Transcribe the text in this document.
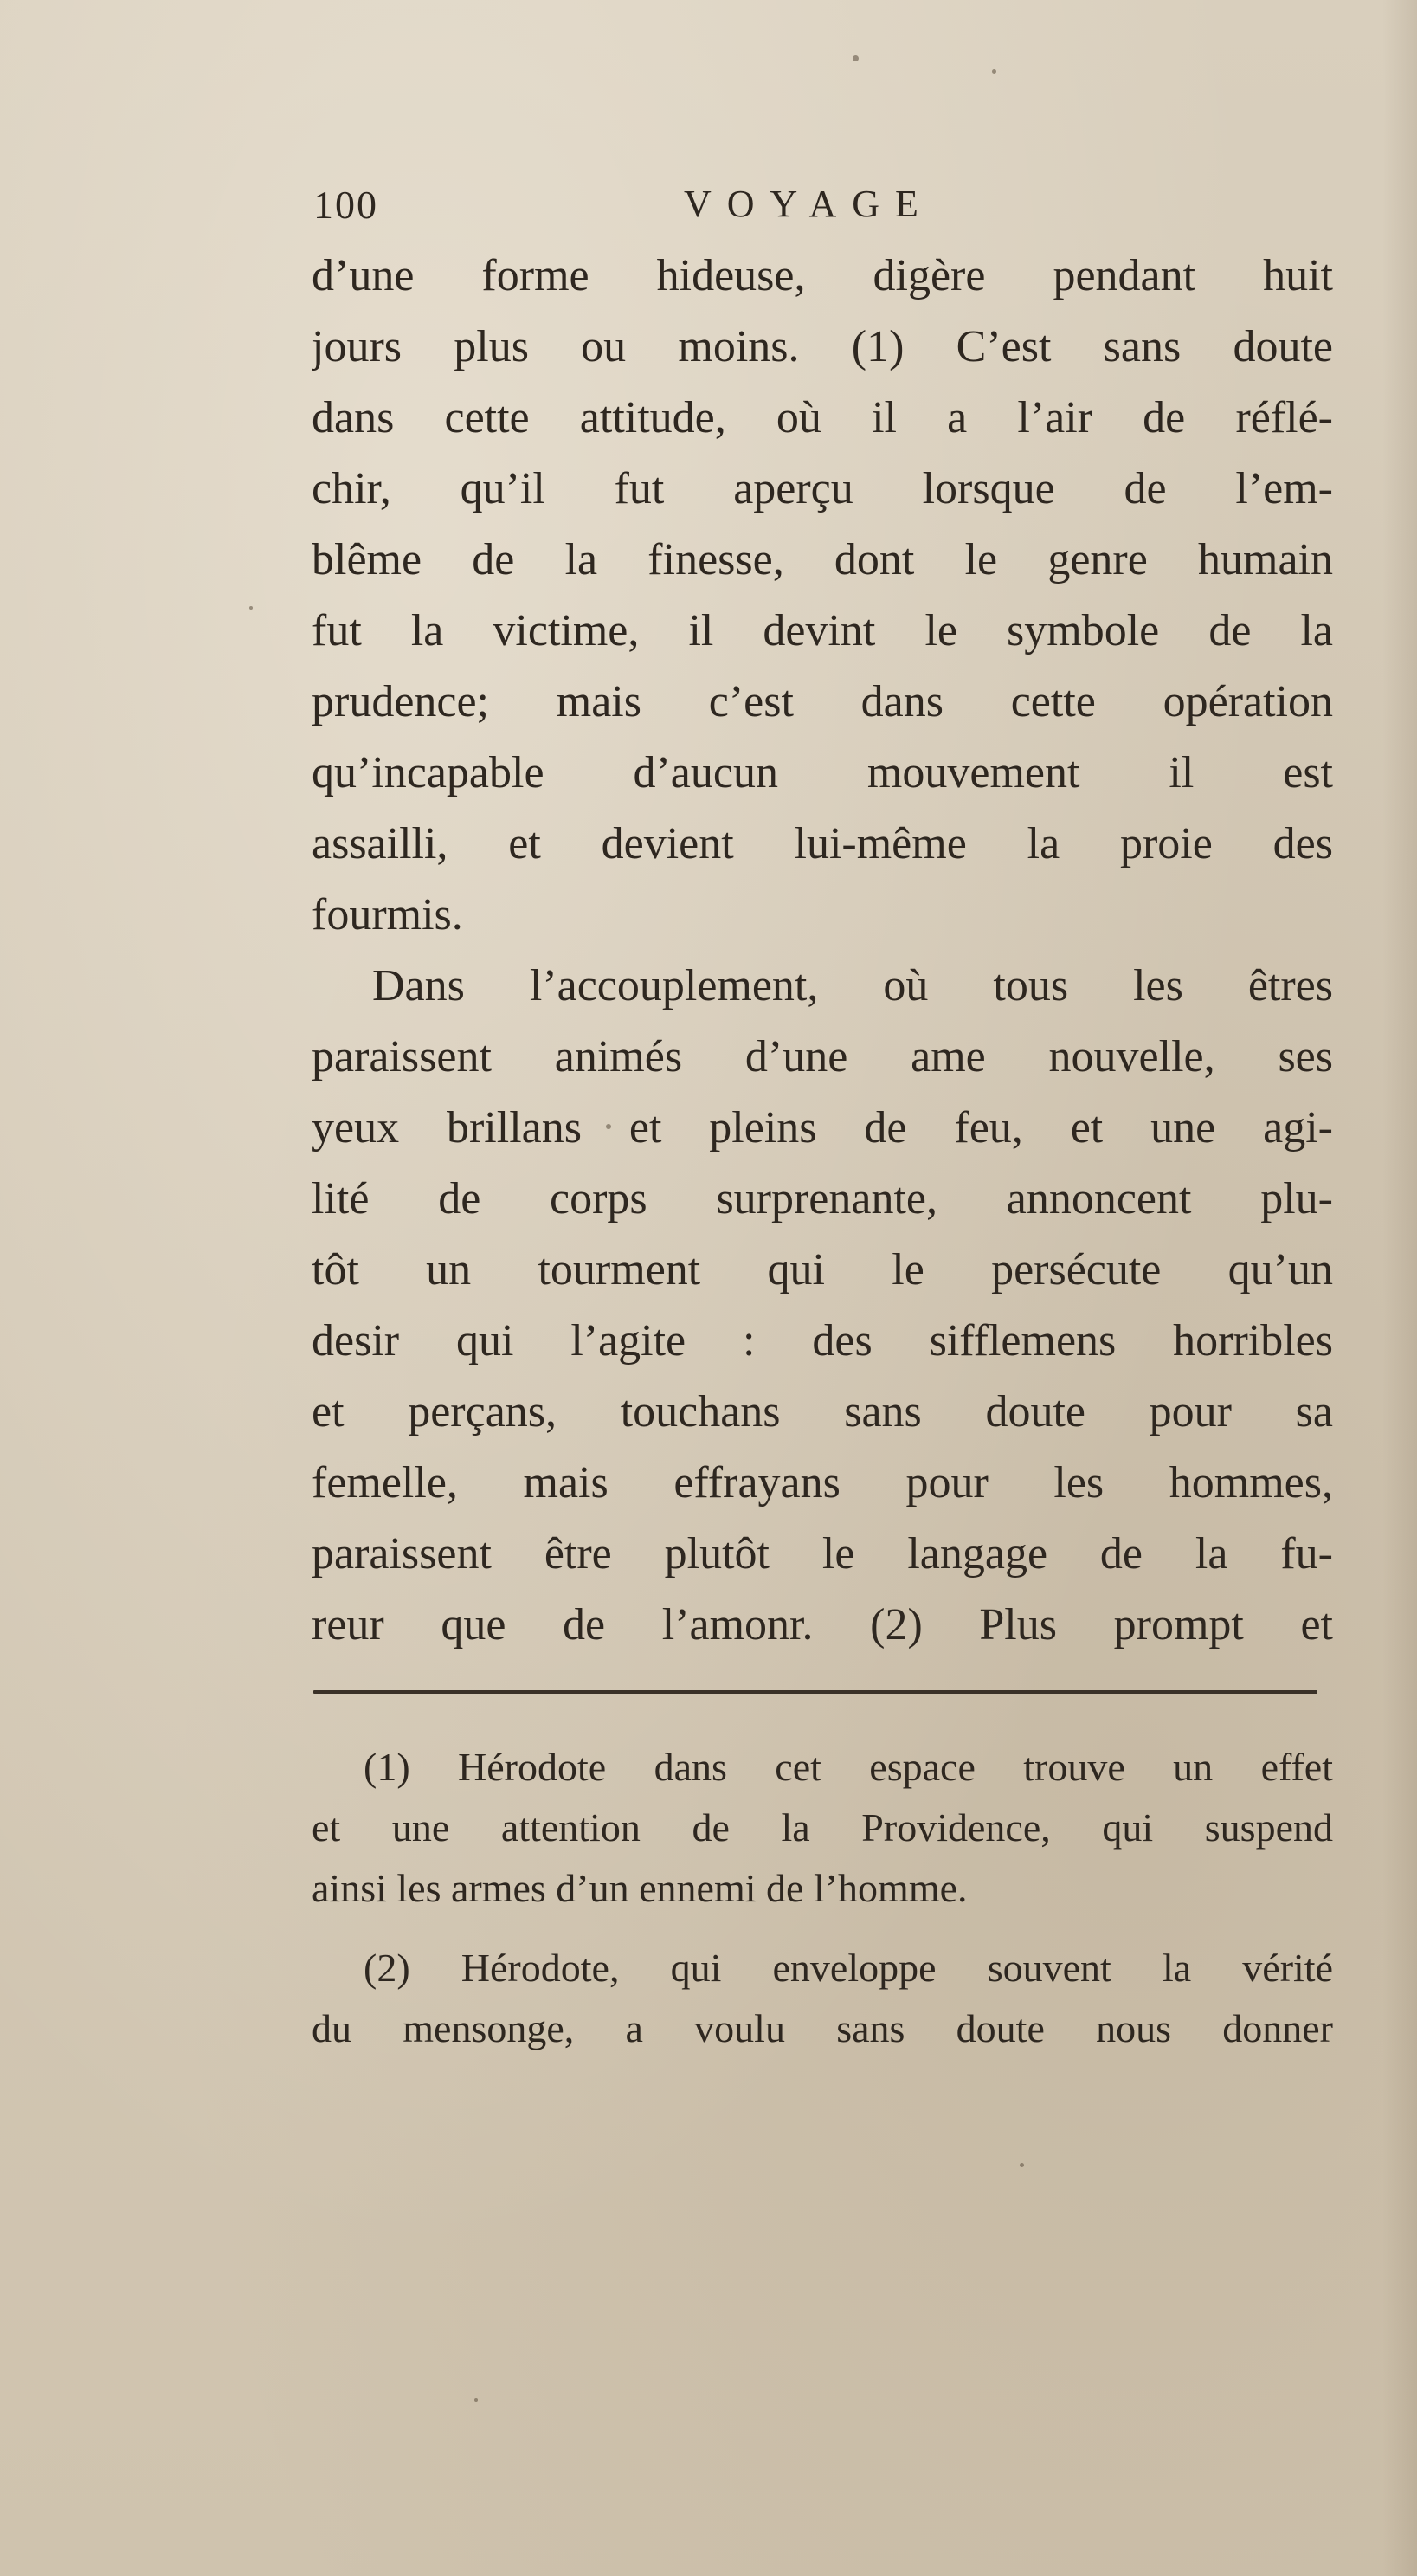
100	VOYAGE
d’une forme hideuse, digère pendant huit
jours plus ou moins. (1) C’est sans doute
dans cette attitude, où il a l’air de réflé-
chir, qu’il fut aperçu lorsque de l’em-
blême de la finesse, dont le genre humain
fut la victime, il devint le symbole de la
prudence; mais c’est dans cette opération
qu’incapable d’aucun mouvement il est
assailli, et devient lui-même la proie des
fourmis.
Dans l’accouplement, où tous les êtres
paraissent animés d’une ame nouvelle, ses
yeux brillans et pleins de feu, et une agi-
lité de corps surprenante, annoncent plu-
tôt un tourment qui le persécute qu’un
desir qui l’agite : des sifflemens horribles
et perçans, touchans sans doute pour sa
femelle, mais effrayans pour les hommes,
paraissent être plutôt le langage de la fu-
reur que de l’amonr. (2) Plus prompt et
(1) Hérodote dans cet espace trouve un effet
et une attention de la Providence, qui suspend
ainsi les armes d’un ennemi de l’homme.
(2) Hérodote, qui enveloppe souvent la vérité
du mensonge, a voulu sans doute nous donner
